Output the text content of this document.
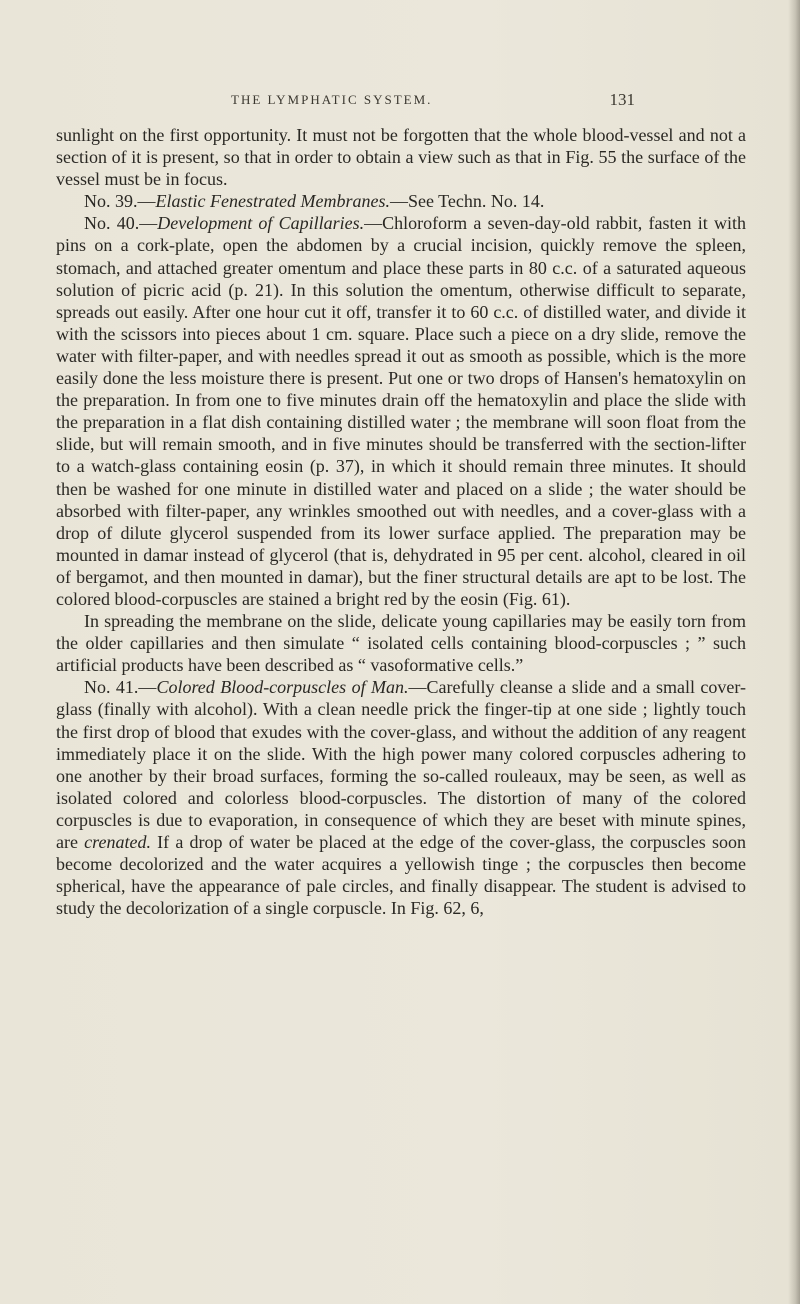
THE LYMPHATIC SYSTEM.	131

sunlight on the first opportunity. It must not be forgotten that the whole blood-vessel and not a section of it is present, so that in order to obtain a view such as that in Fig. 55 the surface of the vessel must be in focus.

No. 39.—Elastic Fenestrated Membranes.—See Techn. No. 14.

No. 40.—Development of Capillaries.—Chloroform a seven-day-old rabbit, fasten it with pins on a cork-plate, open the abdomen by a crucial incision, quickly remove the spleen, stomach, and attached greater omentum and place these parts in 80 c.c. of a saturated aqueous solution of picric acid (p. 21). In this solution the omentum, otherwise difficult to separate, spreads out easily. After one hour cut it off, transfer it to 60 c.c. of distilled water, and divide it with the scissors into pieces about 1 cm. square. Place such a piece on a dry slide, remove the water with filter-paper, and with needles spread it out as smooth as possible, which is the more easily done the less moisture there is present. Put one or two drops of Hansen's hematoxylin on the preparation. In from one to five minutes drain off the hematoxylin and place the slide with the preparation in a flat dish containing distilled water ; the membrane will soon float from the slide, but will remain smooth, and in five minutes should be transferred with the section-lifter to a watch-glass containing eosin (p. 37), in which it should remain three minutes. It should then be washed for one minute in distilled water and placed on a slide ; the water should be absorbed with filter-paper, any wrinkles smoothed out with needles, and a cover-glass with a drop of dilute glycerol suspended from its lower surface applied. The preparation may be mounted in damar instead of glycerol (that is, dehydrated in 95 per cent. alcohol, cleared in oil of bergamot, and then mounted in damar), but the finer structural details are apt to be lost. The colored blood-corpuscles are stained a bright red by the eosin (Fig. 61).

In spreading the membrane on the slide, delicate young capillaries may be easily torn from the older capillaries and then simulate “ isolated cells containing blood-corpuscles ; ” such artificial products have been described as “ vasoformative cells.”

No. 41.—Colored Blood-corpuscles of Man.—Carefully cleanse a slide and a small cover-glass (finally with alcohol). With a clean needle prick the finger-tip at one side ; lightly touch the first drop of blood that exudes with the cover-glass, and without the addition of any reagent immediately place it on the slide. With the high power many colored corpuscles adhering to one another by their broad surfaces, forming the so-called rouleaux, may be seen, as well as isolated colored and colorless blood-corpuscles. The distortion of many of the colored corpuscles is due to evaporation, in consequence of which they are beset with minute spines, are crenated. If a drop of water be placed at the edge of the cover-glass, the corpuscles soon become decolorized and the water acquires a yellowish tinge ; the corpuscles then become spherical, have the appearance of pale circles, and finally disappear. The student is advised to study the decolorization of a single corpuscle. In Fig. 62, 6,
